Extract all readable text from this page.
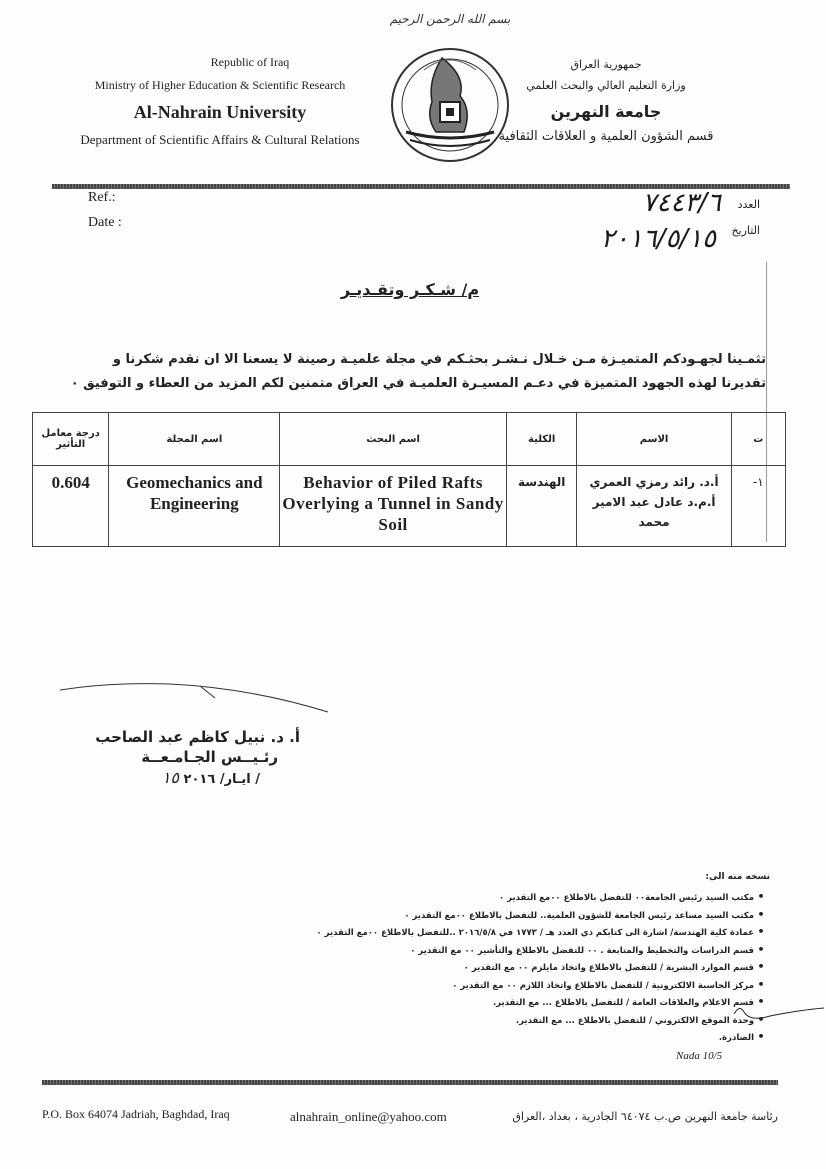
بسم الله الرحمن الرحيم
Republic of Iraq
Ministry of Higher Education & Scientific Research
Al-Nahrain University
Department of Scientific Affairs & Cultural Relations
جمهورية العراق
وزارة التعليم العالي والبحث العلمي
جامعة النهرين
قسم الشؤون العلمية و العلاقات الثقافية
Ref.:
Date :
العدد
التاريخ
٧٤٤٣/٦
٢٠١٦/٥/١٥
م/ شـكـر وتقـديـر
تثمـينا لجهـودكم المتميـزة مـن خـلال نـشـر بحثـكم في مجلة علميـة رصينة لا يسعنا الا ان نقدم شكرنا و
تقديرنا لهذه الجهود المتميزة في دعـم المسيـرة العلميـة في العراق متمنين لكم المزيد من العطاء و التوفيق ٠
درجة معامل التأثير	اسم المجلة	اسم البحث	الكلية	الاسم	ت
0.604	Geomechanics and Engineering	Behavior of Piled Rafts Overlying a Tunnel in Sandy Soil	الهندسة	أ.د. رائد رمزي العمري
أ.م.د عادل عبد الامير
محمد	١-
أ. د. نبيل كاظم عبد الصاحب
رئـيــس الجـامـعــة
/ ايـار/ ٢٠١٦ ١٥
نسخه منه الى:
• مكتب السيد رئيس الجامعة٠٠ للتفضل بالاطلاع ٠٠مع التقدير ٠
• مكتب السيد مساعد رئيس الجامعة للشؤون العلمية.. للتفضل بالاطلاع ٠٠مع التقدير ٠
• عمادة كلية الهندسة/ اشارة الى كتابكم ذي العدد هـ / ١٧٧٣ في ٢٠١٦/٥/٨ ..للتفضل بالاطلاع ٠٠مع التقدير ٠
• قسم الدراسات والتخطيط والمتابعة . ٠٠ للتفضل بالاطلاع والتأشير ٠٠ مع التقدير ٠
• قسم الموارد البشرية / للتفضل بالاطلاع واتخاذ مايلزم ٠٠ مع التقدير ٠
• مركز الحاسبة الالكترونية / للتفضل بالاطلاع واتخاذ اللازم ٠٠ مع التقدير ٠
• قسم الاعلام والعلاقات العامة / للتفضل بالاطلاع ... مع التقدير.
• وحدة الموقع الالكتروني / للتفضل بالاطلاع ... مع التقدير.
• الصادرة.
Nada 10/5
P.O. Box 64074 Jadriah, Baghdad, Iraq	alnahrain_online@yahoo.com	رئاسة جامعة النهرين ص.ب ٦٤٠٧٤ الجادرية ، بغداد ،العراق
